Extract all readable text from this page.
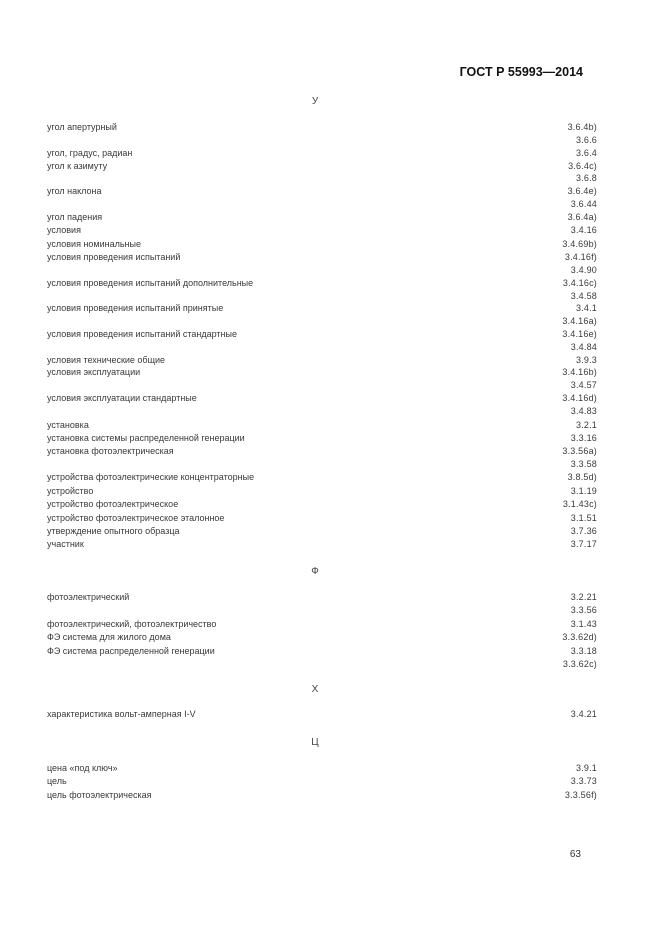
ГОСТ Р 55993—2014
У
угол апертурный	3.6.4b)
3.6.6
угол, градус, радиан	3.6.4
угол к азимуту	3.6.4c)
3.6.8
угол наклона	3.6.4e)
3.6.44
угол падения	3.6.4a)
условия	3.4.16
условия номинальные	3.4.69b)
условия проведения испытаний	3.4.16f)
3.4.90
условия проведения испытаний дополнительные	3.4.16c)
3.4.58
условия проведения испытаний принятые	3.4.1
3.4.16a)
условия проведения испытаний стандартные	3.4.16e)
3.4.84
условия технические общие	3.9.3
условия эксплуатации	3.4.16b)
3.4.57
условия эксплуатации стандартные	3.4.16d)
3.4.83
установка	3.2.1
установка системы распределенной генерации	3.3.16
установка фотоэлектрическая	3.3.56a)
3.3.58
устройства фотоэлектрические концентраторные	3.8.5d)
устройство	3.1.19
устройство фотоэлектрическое	3.1.43c)
устройство фотоэлектрическое эталонное	3.1.51
утверждение опытного образца	3.7.36
участник	3.7.17
Ф
фотоэлектрический	3.2.21
3.3.56
фотоэлектрический, фотоэлектричество	3.1.43
ФЭ система для жилого дома	3.3.62d)
ФЭ система распределенной генерации	3.3.18
3.3.62c)
Х
характеристика вольт-амперная I-V	3.4.21
Ц
цена «под ключ»	3.9.1
цель	3.3.73
цель фотоэлектрическая	3.3.56f)
63
